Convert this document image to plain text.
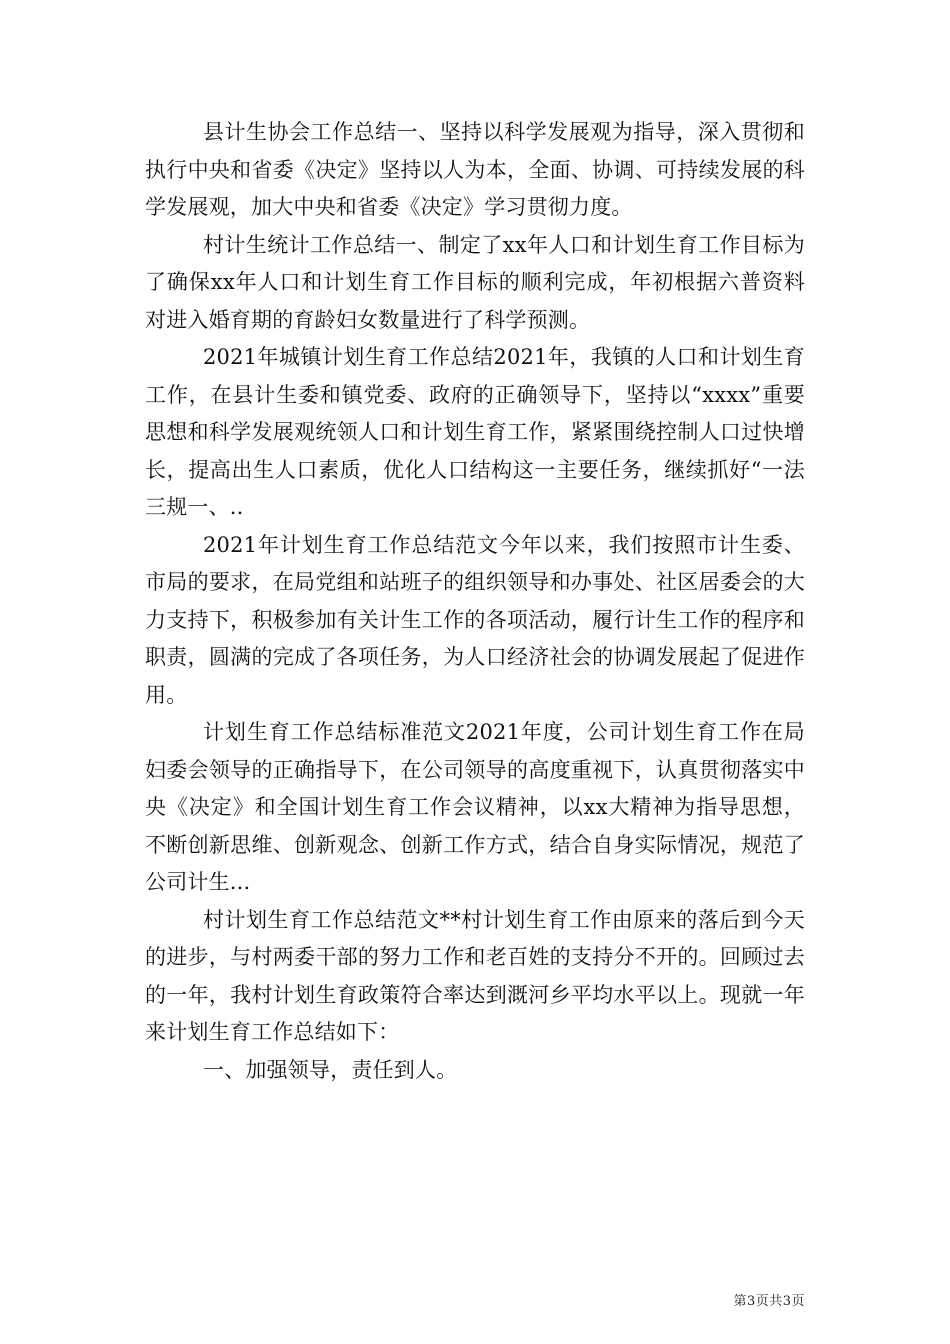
县计生协会工作总结一、坚持以科学发展观为指导，深入贯彻和执行中央和省委《决定》坚持以人为本，全面、协调、可持续发展的科学发展观，加大中央和省委《决定》学习贯彻力度。

村计生统计工作总结一、制定了xx年人口和计划生育工作目标为了确保xx年人口和计划生育工作目标的顺利完成，年初根据六普资料对进入婚育期的育龄妇女数量进行了科学预测。

2021年城镇计划生育工作总结2021年，我镇的人口和计划生育工作，在县计生委和镇党委、政府的正确领导下，坚持以“xxxx”重要思想和科学发展观统领人口和计划生育工作，紧紧围绕控制人口过快增长，提高出生人口素质，优化人口结构这一主要任务，继续抓好“一法三规一、..

2021年计划生育工作总结范文今年以来，我们按照市计生委、市局的要求，在局党组和站班子的组织领导和办事处、社区居委会的大力支持下，积极参加有关计生工作的各项活动，履行计生工作的程序和职责，圆满的完成了各项任务，为人口经济社会的协调发展起了促进作用。

计划生育工作总结标准范文2021年度，公司计划生育工作在局妇委会领导的正确指导下，在公司领导的高度重视下，认真贯彻落实中央《决定》和全国计划生育工作会议精神，以xx大精神为指导思想，不断创新思维、创新观念、创新工作方式，结合自身实际情况，规范了公司计生...

村计划生育工作总结范文**村计划生育工作由原来的落后到今天的进步，与村两委干部的努力工作和老百姓的支持分不开的。回顾过去的一年，我村计划生育政策符合率达到溉河乡平均水平以上。现就一年来计划生育工作总结如下：

一、加强领导，责任到人。

第3页共3页
